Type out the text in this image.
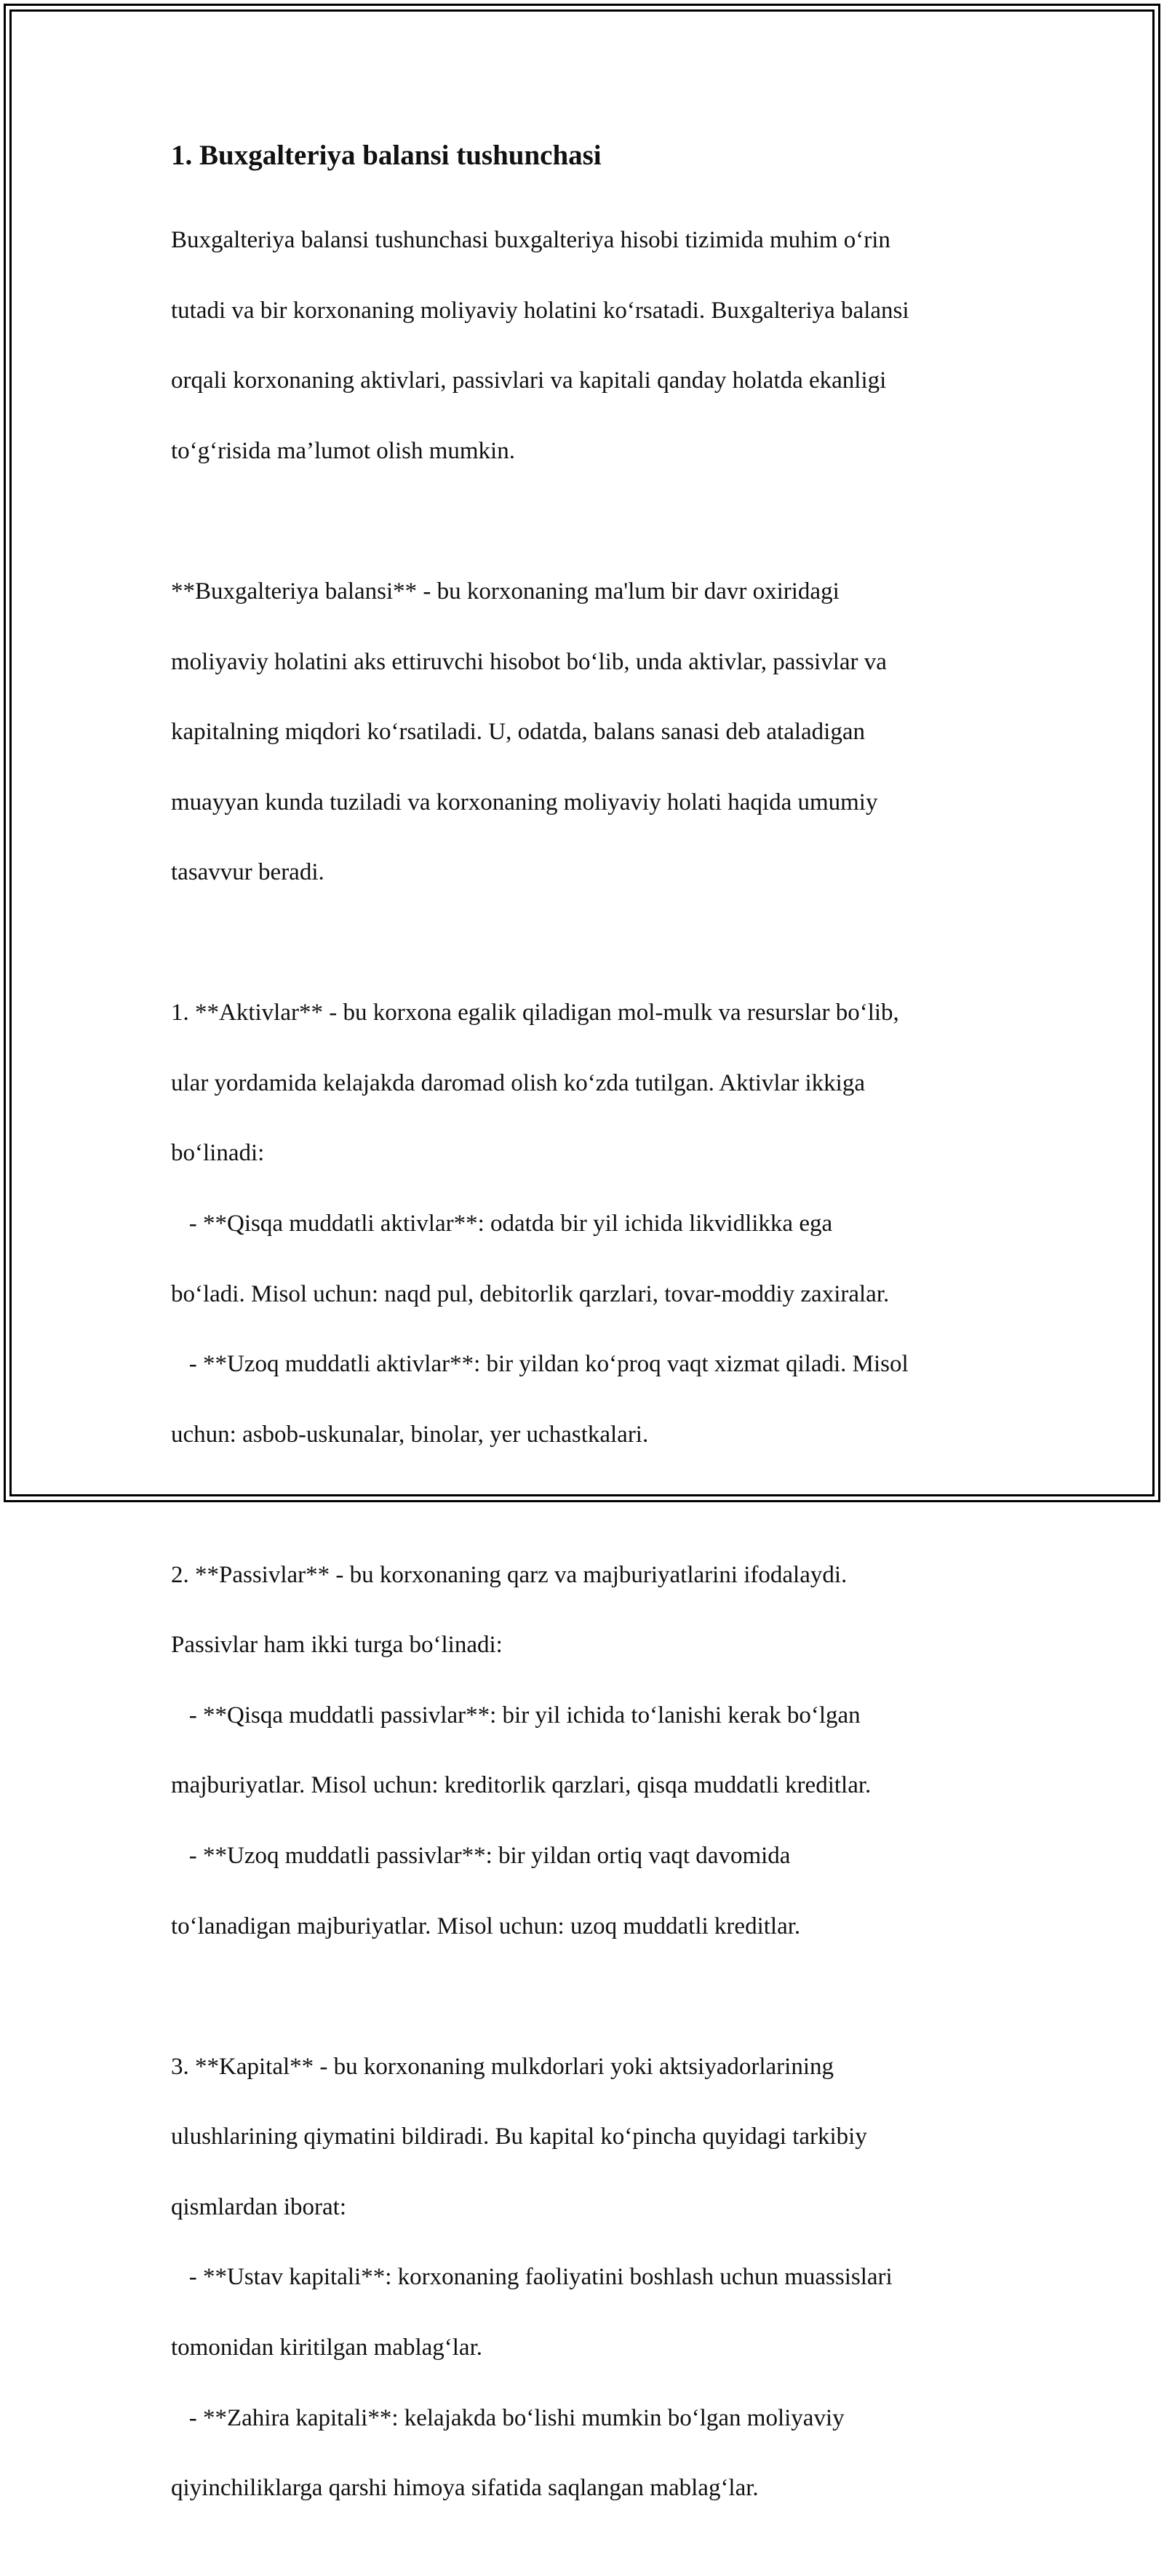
1. Buxgalteriya balansi tushunchasi

Buxgalteriya balansi tushunchasi buxgalteriya hisobi tizimida muhim o‘rin

tutadi va bir korxonaning moliyaviy holatini ko‘rsatadi. Buxgalteriya balansi

orqali korxonaning aktivlari, passivlari va kapitali qanday holatda ekanligi

to‘g‘risida ma’lumot olish mumkin.

**Buxgalteriya balansi** - bu korxonaning ma'lum bir davr oxiridagi

moliyaviy holatini aks ettiruvchi hisobot bo‘lib, unda aktivlar, passivlar va

kapitalning miqdori ko‘rsatiladi. U, odatda, balans sanasi deb ataladigan

muayyan kunda tuziladi va korxonaning moliyaviy holati haqida umumiy

tasavvur beradi.

1. **Aktivlar** - bu korxona egalik qiladigan mol-mulk va resurslar bo‘lib,

ular yordamida kelajakda daromad olish ko‘zda tutilgan. Aktivlar ikkiga

bo‘linadi:

- **Qisqa muddatli aktivlar**: odatda bir yil ichida likvidlikka ega

bo‘ladi. Misol uchun: naqd pul, debitorlik qarzlari, tovar-moddiy zaxiralar.

- **Uzoq muddatli aktivlar**: bir yildan ko‘proq vaqt xizmat qiladi. Misol

uchun: asbob-uskunalar, binolar, yer uchastkalari.

2. **Passivlar** - bu korxonaning qarz va majburiyatlarini ifodalaydi.

Passivlar ham ikki turga bo‘linadi:

- **Qisqa muddatli passivlar**: bir yil ichida to‘lanishi kerak bo‘lgan

majburiyatlar. Misol uchun: kreditorlik qarzlari, qisqa muddatli kreditlar.

- **Uzoq muddatli passivlar**: bir yildan ortiq vaqt davomida

to‘lanadigan majburiyatlar. Misol uchun: uzoq muddatli kreditlar.

3. **Kapital** - bu korxonaning mulkdorlari yoki aktsiyadorlarining

ulushlarining qiymatini bildiradi. Bu kapital ko‘pincha quyidagi tarkibiy

qismlardan iborat:

- **Ustav kapitali**: korxonaning faoliyatini boshlash uchun muassislari

tomonidan kiritilgan mablag‘lar.

- **Zahira kapitali**: kelajakda bo‘lishi mumkin bo‘lgan moliyaviy

qiyinchiliklarga qarshi himoya sifatida saqlangan mablag‘lar.
